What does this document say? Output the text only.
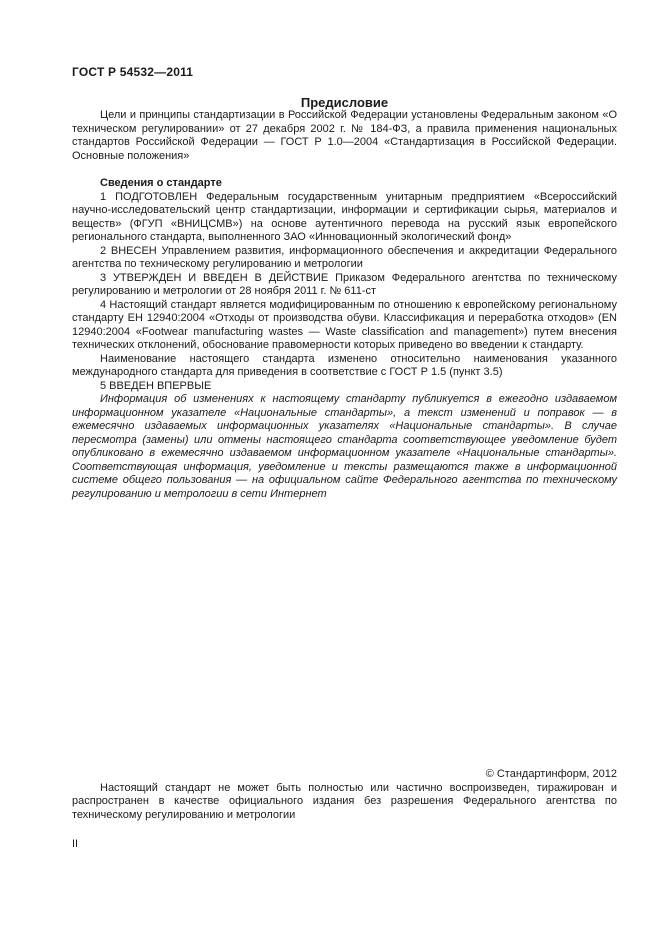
ГОСТ Р 54532—2011
Предисловие

Цели и принципы стандартизации в Российской Федерации установлены Федеральным законом «О техническом регулировании» от 27 декабря 2002 г. № 184-ФЗ, а правила применения национальных стандартов Российской Федерации — ГОСТ Р 1.0—2004 «Стандартизация в Российской Федерации. Основные положения»

Сведения о стандарте

1 ПОДГОТОВЛЕН Федеральным государственным унитарным предприятием «Всероссийский научно-исследовательский центр стандартизации, информации и сертификации сырья, материалов и веществ» (ФГУП «ВНИЦСМВ») на основе аутентичного перевода на русский язык европейского регионального стандарта, выполненного ЗАО «Инновационный экологический фонд»

2 ВНЕСЕН Управлением развития, информационного обеспечения и аккредитации Федерального агентства по техническому регулированию и метрологии

3 УТВЕРЖДЕН И ВВЕДЕН В ДЕЙСТВИЕ Приказом Федерального агентства по техническому регулированию и метрологии от 28 ноября 2011 г. № 611-ст

4 Настоящий стандарт является модифицированным по отношению к европейскому региональному стандарту ЕН 12940:2004 «Отходы от производства обуви. Классификация и переработка отходов» (EN 12940:2004 «Footwear manufacturing wastes — Waste classification and management») путем внесения технических отклонений, обоснование правомерности которых приведено во введении к стандарту.

Наименование настоящего стандарта изменено относительно наименования указанного международного стандарта для приведения в соответствие с ГОСТ Р 1.5 (пункт 3.5)

5 ВВЕДЕН ВПЕРВЫЕ

Информация об изменениях к настоящему стандарту публикуется в ежегодно издаваемом информационном указателе «Национальные стандарты», а текст изменений и поправок — в ежемесячно издаваемых информационных указателях «Национальные стандарты». В случае пересмотра (замены) или отмены настоящего стандарта соответствующее уведомление будет опубликовано в ежемесячно издаваемом информационном указателе «Национальные стандарты». Соответствующая информация, уведомление и тексты размещаются также в информационной системе общего пользования — на официальном сайте Федерального агентства по техническому регулированию и метрологии в сети Интернет

© Стандартинформ, 2012

Настоящий стандарт не может быть полностью или частично воспроизведен, тиражирован и распространен в качестве официального издания без разрешения Федерального агентства по техническому регулированию и метрологии

II
